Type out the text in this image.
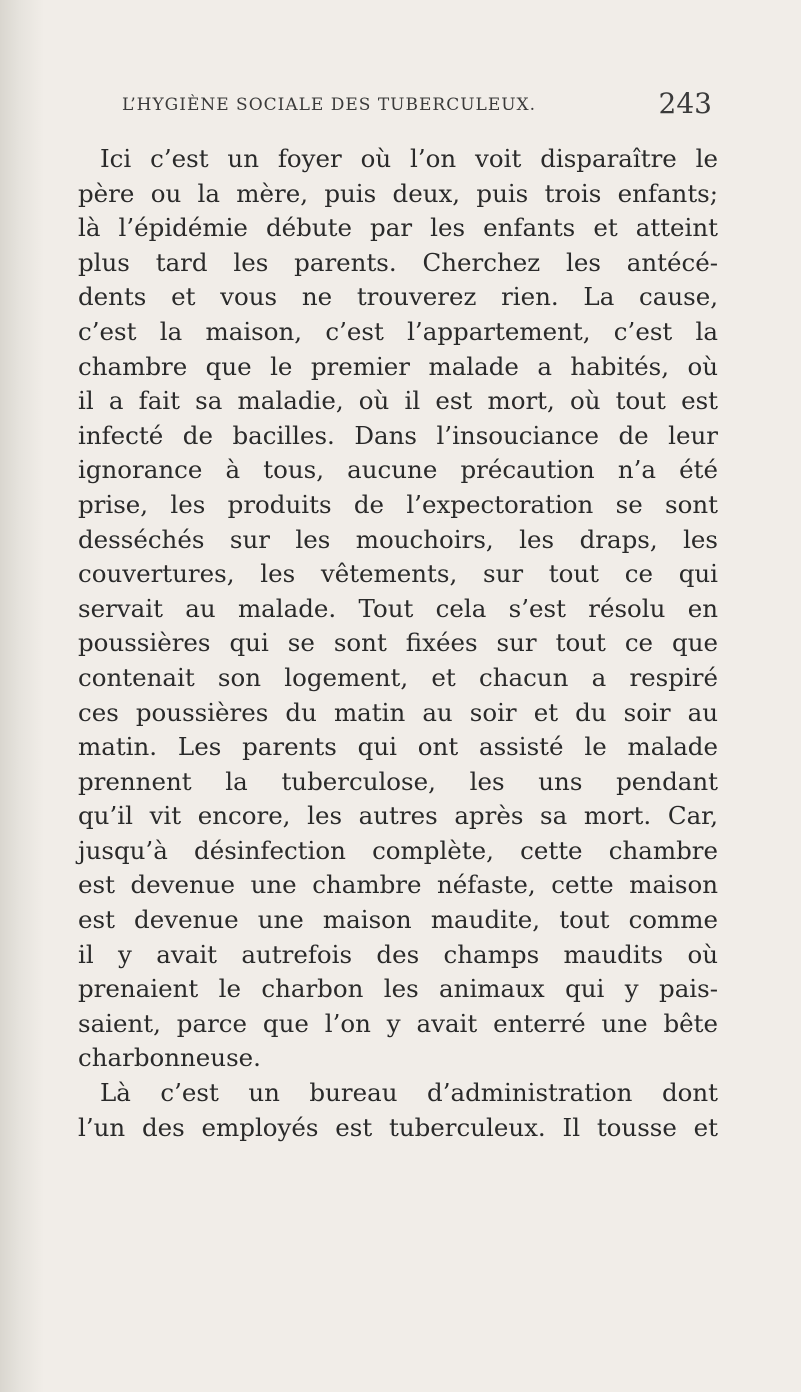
L’HYGIÈNE SOCIALE DES TUBERCULEUX.	243
Ici c’est un foyer où l’on voit disparaître le
père ou la mère, puis deux, puis trois enfants;
là l’épidémie débute par les enfants et atteint
plus tard les parents. Cherchez les antécé-
dents et vous ne trouverez rien. La cause,
c’est la maison, c’est l’appartement, c’est la
chambre que le premier malade a habités, où
il a fait sa maladie, où il est mort, où tout est
infecté de bacilles. Dans l’insouciance de leur
ignorance à tous, aucune précaution n’a été
prise, les produits de l’expectoration se sont
desséchés sur les mouchoirs, les draps, les
couvertures, les vêtements, sur tout ce qui
servait au malade. Tout cela s’est résolu en
poussières qui se sont fixées sur tout ce que
contenait son logement, et chacun a respiré
ces poussières du matin au soir et du soir au
matin. Les parents qui ont assisté le malade
prennent la tuberculose, les uns pendant
qu’il vit encore, les autres après sa mort. Car,
jusqu’à désinfection complète, cette chambre
est devenue une chambre néfaste, cette maison
est devenue une maison maudite, tout comme
il y avait autrefois des champs maudits où
prenaient le charbon les animaux qui y pais-
saient, parce que l’on y avait enterré une bête
charbonneuse.
Là c’est un bureau d’administration dont
l’un des employés est tuberculeux. Il tousse et
